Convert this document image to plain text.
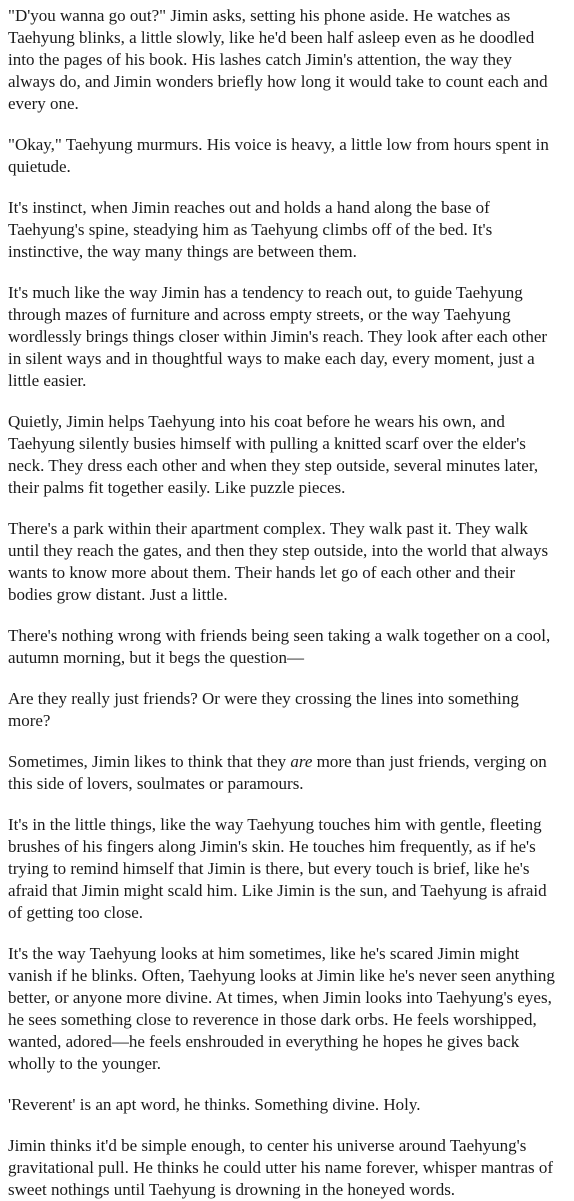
"D'you wanna go out?" Jimin asks, setting his phone aside. He watches as Taehyung blinks, a little slowly, like he'd been half asleep even as he doodled into the pages of his book. His lashes catch Jimin's attention, the way they always do, and Jimin wonders briefly how long it would take to count each and every one.

"Okay," Taehyung murmurs. His voice is heavy, a little low from hours spent in quietude.

It's instinct, when Jimin reaches out and holds a hand along the base of Taehyung's spine, steadying him as Taehyung climbs off of the bed. It's instinctive, the way many things are between them.

It's much like the way Jimin has a tendency to reach out, to guide Taehyung through mazes of furniture and across empty streets, or the way Taehyung wordlessly brings things closer within Jimin's reach. They look after each other in silent ways and in thoughtful ways to make each day, every moment, just a little easier.

Quietly, Jimin helps Taehyung into his coat before he wears his own, and Taehyung silently busies himself with pulling a knitted scarf over the elder's neck. They dress each other and when they step outside, several minutes later, their palms fit together easily. Like puzzle pieces.

There's a park within their apartment complex. They walk past it. They walk until they reach the gates, and then they step outside, into the world that always wants to know more about them. Their hands let go of each other and their bodies grow distant. Just a little.

There's nothing wrong with friends being seen taking a walk together on a cool, autumn morning, but it begs the question—

Are they really just friends? Or were they crossing the lines into something more?

Sometimes, Jimin likes to think that they are more than just friends, verging on this side of lovers, soulmates or paramours.

It's in the little things, like the way Taehyung touches him with gentle, fleeting brushes of his fingers along Jimin's skin. He touches him frequently, as if he's trying to remind himself that Jimin is there, but every touch is brief, like he's afraid that Jimin might scald him. Like Jimin is the sun, and Taehyung is afraid of getting too close.

It's the way Taehyung looks at him sometimes, like he's scared Jimin might vanish if he blinks. Often, Taehyung looks at Jimin like he's never seen anything better, or anyone more divine. At times, when Jimin looks into Taehyung's eyes, he sees something close to reverence in those dark orbs. He feels worshipped, wanted, adored—he feels enshrouded in everything he hopes he gives back wholly to the younger.

'Reverent' is an apt word, he thinks. Something divine. Holy.

Jimin thinks it'd be simple enough, to center his universe around Taehyung's gravitational pull. He thinks he could utter his name forever, whisper mantras of sweet nothings until Taehyung is drowning in the honeyed words.
